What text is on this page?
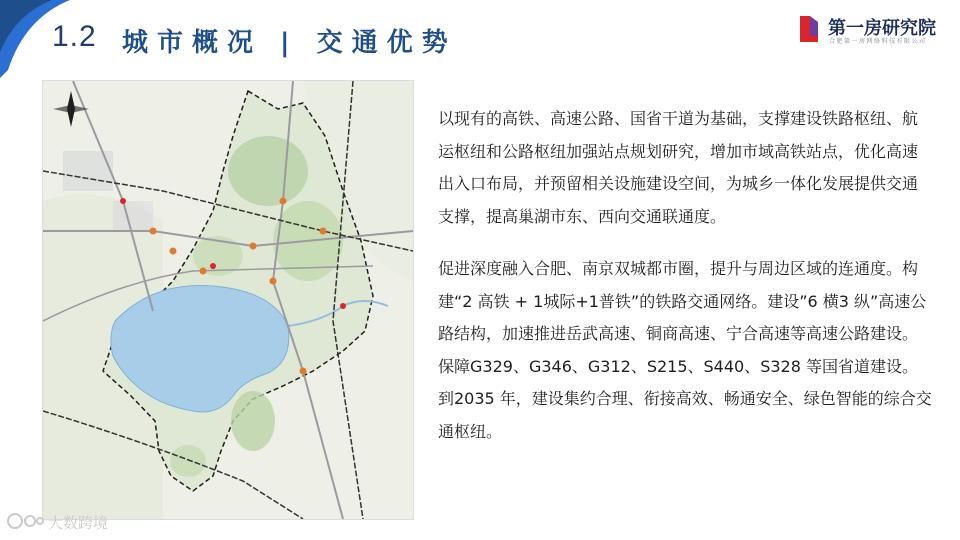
1.2 城市概况 | 交通优势	第一房研究院
合肥第一房网络科技有限公司

以现有的高铁、高速公路、国省干道为基础，支撑建设铁路枢纽、航运枢纽和公路枢纽加强站点规划研究，增加市域高铁站点，优化高速出入口布局，并预留相关设施建设空间，为城乡一体化发展提供交通支撑，提高巢湖市东、西向交通联通度。

促进深度融入合肥、南京双城都市圈，提升与周边区域的连通度。构建“2 高铁 + 1城际+1普铁”的铁路交通网络。建设”6 横3 纵”高速公路结构，加速推进岳武高速、铜商高速、宁合高速等高速公路建设。保障G329、G346、G312、S215、S440、S328 等国省道建设。到2035 年，建设集约合理、衔接高效、畅通安全、绿色智能的综合交通枢纽。

大数跨境
